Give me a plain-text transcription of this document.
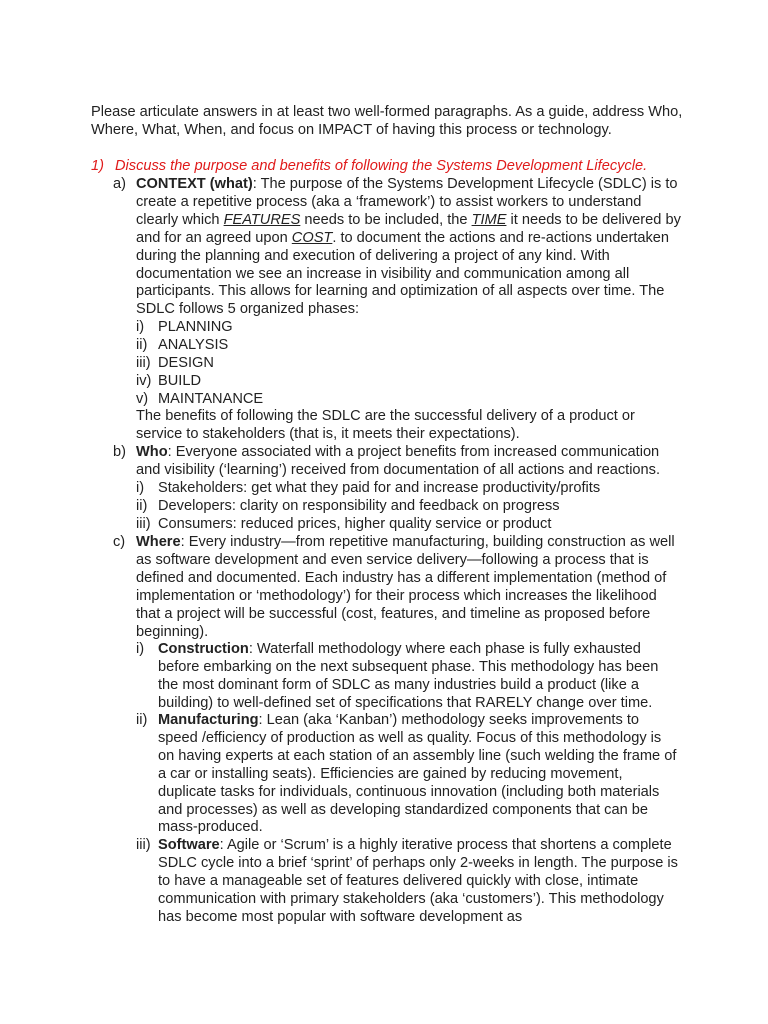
Please articulate answers in at least two well-formed paragraphs. As a guide, address Who, Where, What, When, and focus on IMPACT of having this process or technology.
1) Discuss the purpose and benefits of following the Systems Development Lifecycle.
a) CONTEXT (what): The purpose of the Systems Development Lifecycle (SDLC) is to create a repetitive process (aka a ‘framework’) to assist workers to understand clearly which FEATURES needs to be included, the TIME it needs to be delivered by and for an agreed upon COST. to document the actions and re-actions undertaken during the planning and execution of delivering a project of any kind. With documentation we see an increase in visibility and communication among all participants. This allows for learning and optimization of all aspects over time. The SDLC follows 5 organized phases:
i) PLANNING
ii) ANALYSIS
iii) DESIGN
iv) BUILD
v) MAINTANANCE
The benefits of following the SDLC are the successful delivery of a product or service to stakeholders (that is, it meets their expectations).
b) Who: Everyone associated with a project benefits from increased communication and visibility (‘learning’) received from documentation of all actions and reactions.
i) Stakeholders: get what they paid for and increase productivity/profits
ii) Developers: clarity on responsibility and feedback on progress
iii) Consumers: reduced prices, higher quality service or product
c) Where: Every industry—from repetitive manufacturing, building construction as well as software development and even service delivery—following a process that is defined and documented. Each industry has a different implementation (method of implementation or ‘methodology’) for their process which increases the likelihood that a project will be successful (cost, features, and timeline as proposed before beginning).
i) Construction: Waterfall methodology where each phase is fully exhausted before embarking on the next subsequent phase. This methodology has been the most dominant form of SDLC as many industries build a product (like a building) to well-defined set of specifications that RARELY change over time.
ii) Manufacturing: Lean (aka ‘Kanban’) methodology seeks improvements to speed /efficiency of production as well as quality. Focus of this methodology is on having experts at each station of an assembly line (such welding the frame of a car or installing seats). Efficiencies are gained by reducing movement, duplicate tasks for individuals, continuous innovation (including both materials and processes) as well as developing standardized components that can be mass-produced.
iii) Software: Agile or ‘Scrum’ is a highly iterative process that shortens a complete SDLC cycle into a brief ‘sprint’ of perhaps only 2-weeks in length. The purpose is to have a manageable set of features delivered quickly with close, intimate communication with primary stakeholders (aka ‘customers’). This methodology has become most popular with software development as
